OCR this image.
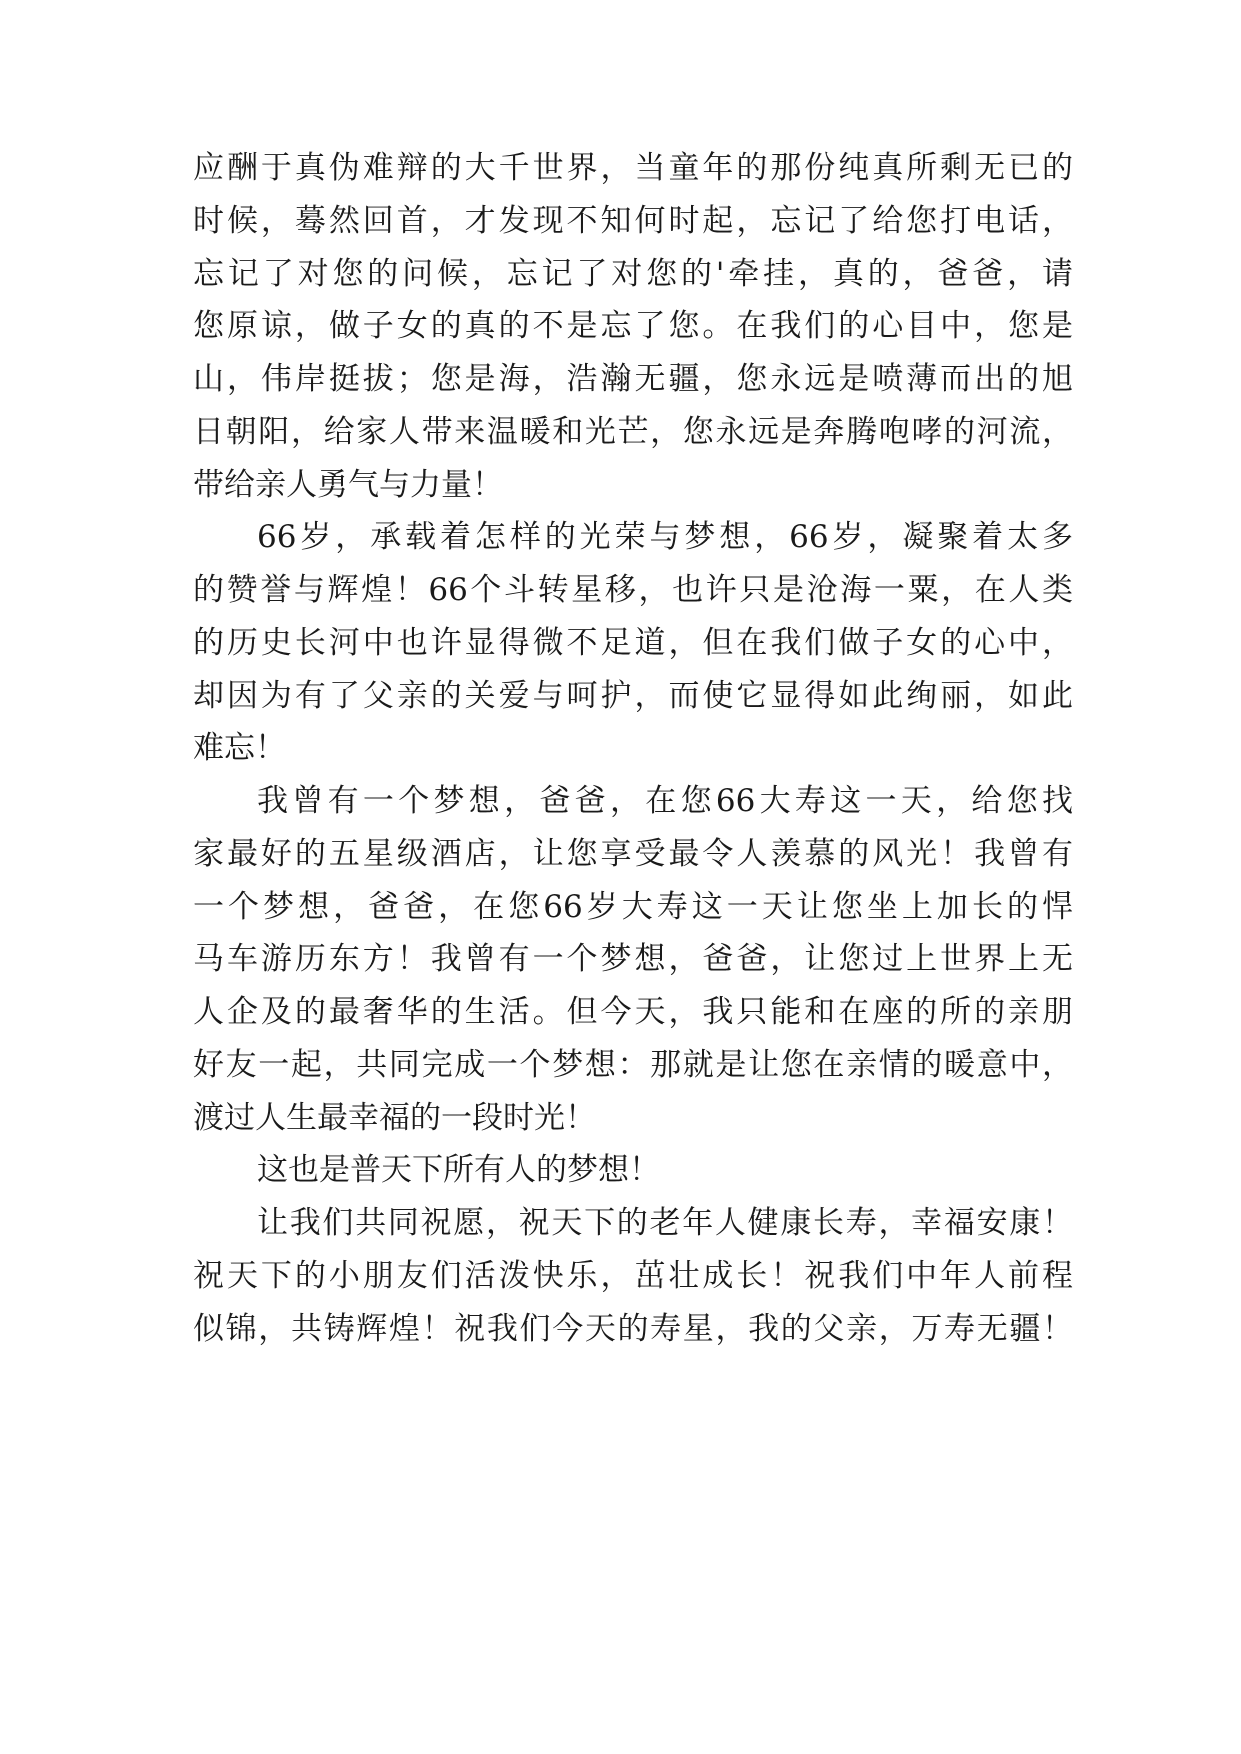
应酬于真伪难辩的大千世界，当童年的那份纯真所剩无已的
时候，蓦然回首，才发现不知何时起，忘记了给您打电话，
忘记了对您的问候，忘记了对您的'牵挂，真的，爸爸，请
您原谅，做子女的真的不是忘了您。在我们的心目中，您是
山，伟岸挺拔；您是海，浩瀚无疆，您永远是喷薄而出的旭
日朝阳，给家人带来温暖和光芒，您永远是奔腾咆哮的河流，
带给亲人勇气与力量！
66岁，承载着怎样的光荣与梦想，66岁，凝聚着太多
的赞誉与辉煌！66个斗转星移，也许只是沧海一粟，在人类
的历史长河中也许显得微不足道，但在我们做子女的心中，
却因为有了父亲的关爱与呵护，而使它显得如此绚丽，如此
难忘！
我曾有一个梦想，爸爸，在您66大寿这一天，给您找
家最好的五星级酒店，让您享受最令人羡慕的风光！我曾有
一个梦想，爸爸，在您66岁大寿这一天让您坐上加长的悍
马车游历东方！我曾有一个梦想，爸爸，让您过上世界上无
人企及的最奢华的生活。但今天，我只能和在座的所的亲朋
好友一起，共同完成一个梦想：那就是让您在亲情的暖意中，
渡过人生最幸福的一段时光！
这也是普天下所有人的梦想！
让我们共同祝愿，祝天下的老年人健康长寿，幸福安康！
祝天下的小朋友们活泼快乐，茁壮成长！祝我们中年人前程
似锦，共铸辉煌！祝我们今天的寿星，我的父亲，万寿无疆！
